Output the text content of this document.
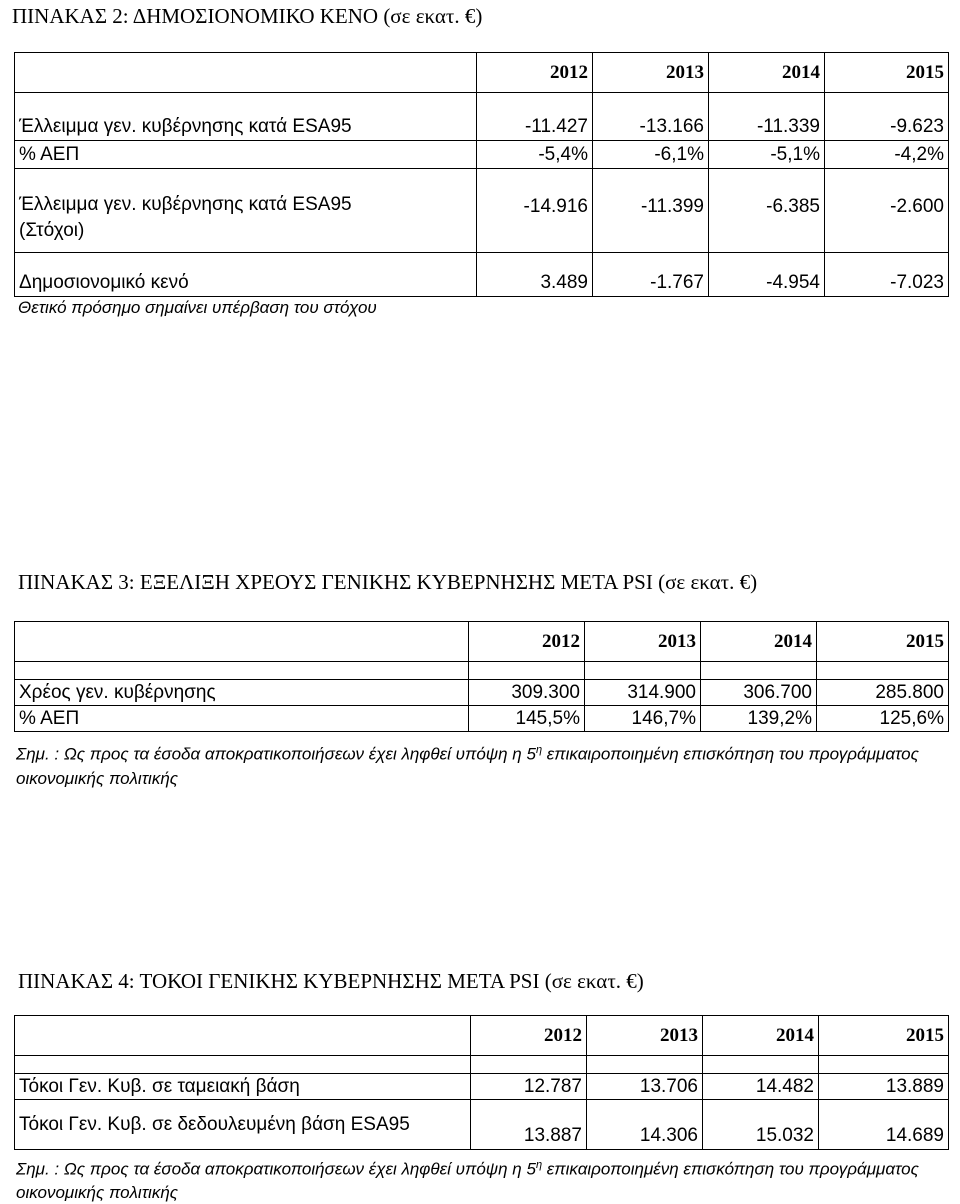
ΠΙΝΑΚΑΣ 2: ΔΗΜΟΣΙΟΝΟΜΙΚΟ ΚΕΝΟ (σε εκατ. €)
	2012	2013	2014	2015
Έλλειμμα γεν. κυβέρνησης κατά ESA95	-11.427	-13.166	-11.339	-9.623
% ΑΕΠ	-5,4%	-6,1%	-5,1%	-4,2%
Έλλειμμα γεν. κυβέρνησης κατά ESA95 (Στόχοι)	-14.916	-11.399	-6.385	-2.600
Δημοσιονομικό κενό	3.489	-1.767	-4.954	-7.023
Θετικό πρόσημο σημαίνει υπέρβαση του στόχου
ΠΙΝΑΚΑΣ 3: ΕΞΕΛΙΞΗ ΧΡΕΟΥΣ ΓΕΝΙΚΗΣ ΚΥΒΕΡΝΗΣΗΣ ΜΕΤΑ PSI (σε εκατ. €)
	2012	2013	2014	2015

Χρέος γεν. κυβέρνησης	309.300	314.900	306.700	285.800
% ΑΕΠ	145,5%	146,7%	139,2%	125,6%
Σημ. : Ως προς τα έσοδα αποκρατικοποιήσεων έχει ληφθεί υπόψη η $5^\eta$ επικαιροποιημένη επισκόπηση του προγράμματος οικονομικής πολιτικής
ΠΙΝΑΚΑΣ 4: ΤΟΚΟΙ ΓΕΝΙΚΗΣ ΚΥΒΕΡΝΗΣΗΣ ΜΕΤΑ PSI (σε εκατ. €)
	2012	2013	2014	2015

Τόκοι Γεν. Κυβ. σε ταμειακή βάση	12.787	13.706	14.482	13.889
Τόκοι Γεν. Κυβ. σε δεδουλευμένη βάση ESA95	13.887	14.306	15.032	14.689
Σημ. : Ως προς τα έσοδα αποκρατικοποιήσεων έχει ληφθεί υπόψη η $5^\eta$ επικαιροποιημένη επισκόπηση του προγράμματος οικονομικής πολιτικής
